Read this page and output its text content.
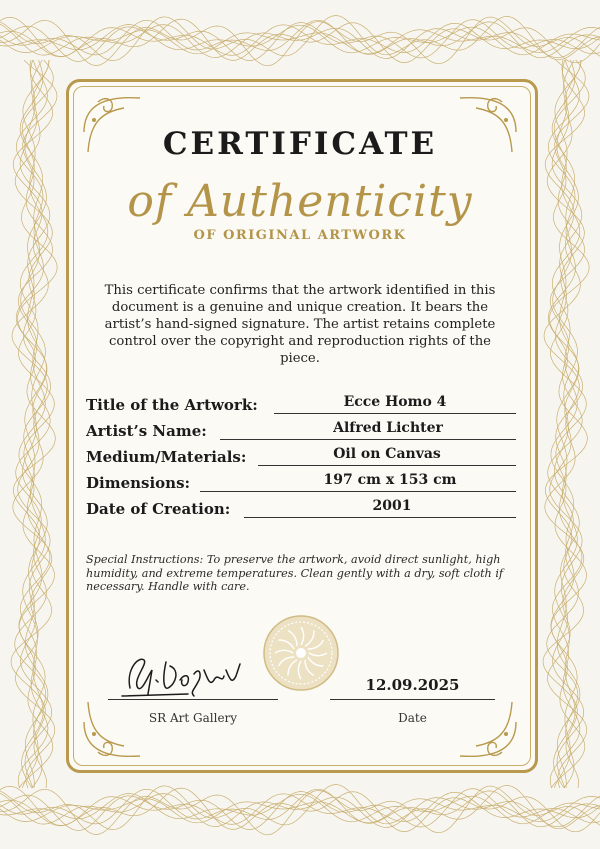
CERTIFICATE
of Authenticity
OF ORIGINAL ARTWORK
This certificate confirms that the artwork identified in this document is a genuine and unique creation. It bears the artist’s hand-signed signature. The artist retains complete control over the copyright and reproduction rights of the piece.
Title of the Artwork:	Ecce Homo 4
Artist’s Name:	Alfred Lichter
Medium/Materials:	Oil on Canvas
Dimensions:	197 cm x 153 cm
Date of Creation:	2001
Special Instructions: To preserve the artwork, avoid direct sunlight, high humidity, and extreme temperatures. Clean gently with a dry, soft cloth if necessary. Handle with care.
SR Art Gallery
12.09.2025
Date
